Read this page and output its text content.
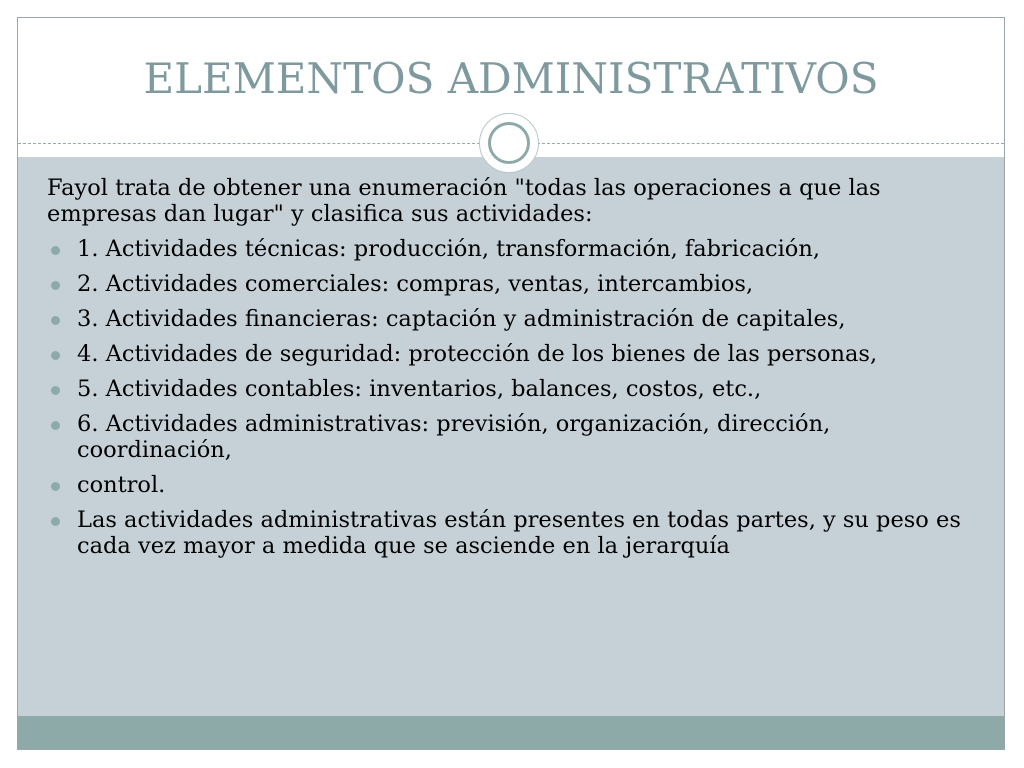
ELEMENTOS ADMINISTRATIVOS

Fayol trata de obtener una enumeración "todas las operaciones a que las empresas dan lugar" y clasifica sus actividades:

1. Actividades técnicas: producción, transformación, fabricación,
2. Actividades comerciales: compras, ventas, intercambios,
3. Actividades financieras: captación y administración de capitales,
4. Actividades de seguridad: protección de los bienes de las personas,
5. Actividades contables: inventarios, balances, costos, etc.,
6. Actividades administrativas: previsión, organización, dirección, coordinación,
control.
Las actividades administrativas están presentes en todas partes, y su peso es cada vez mayor a medida que se asciende en la jerarquía
